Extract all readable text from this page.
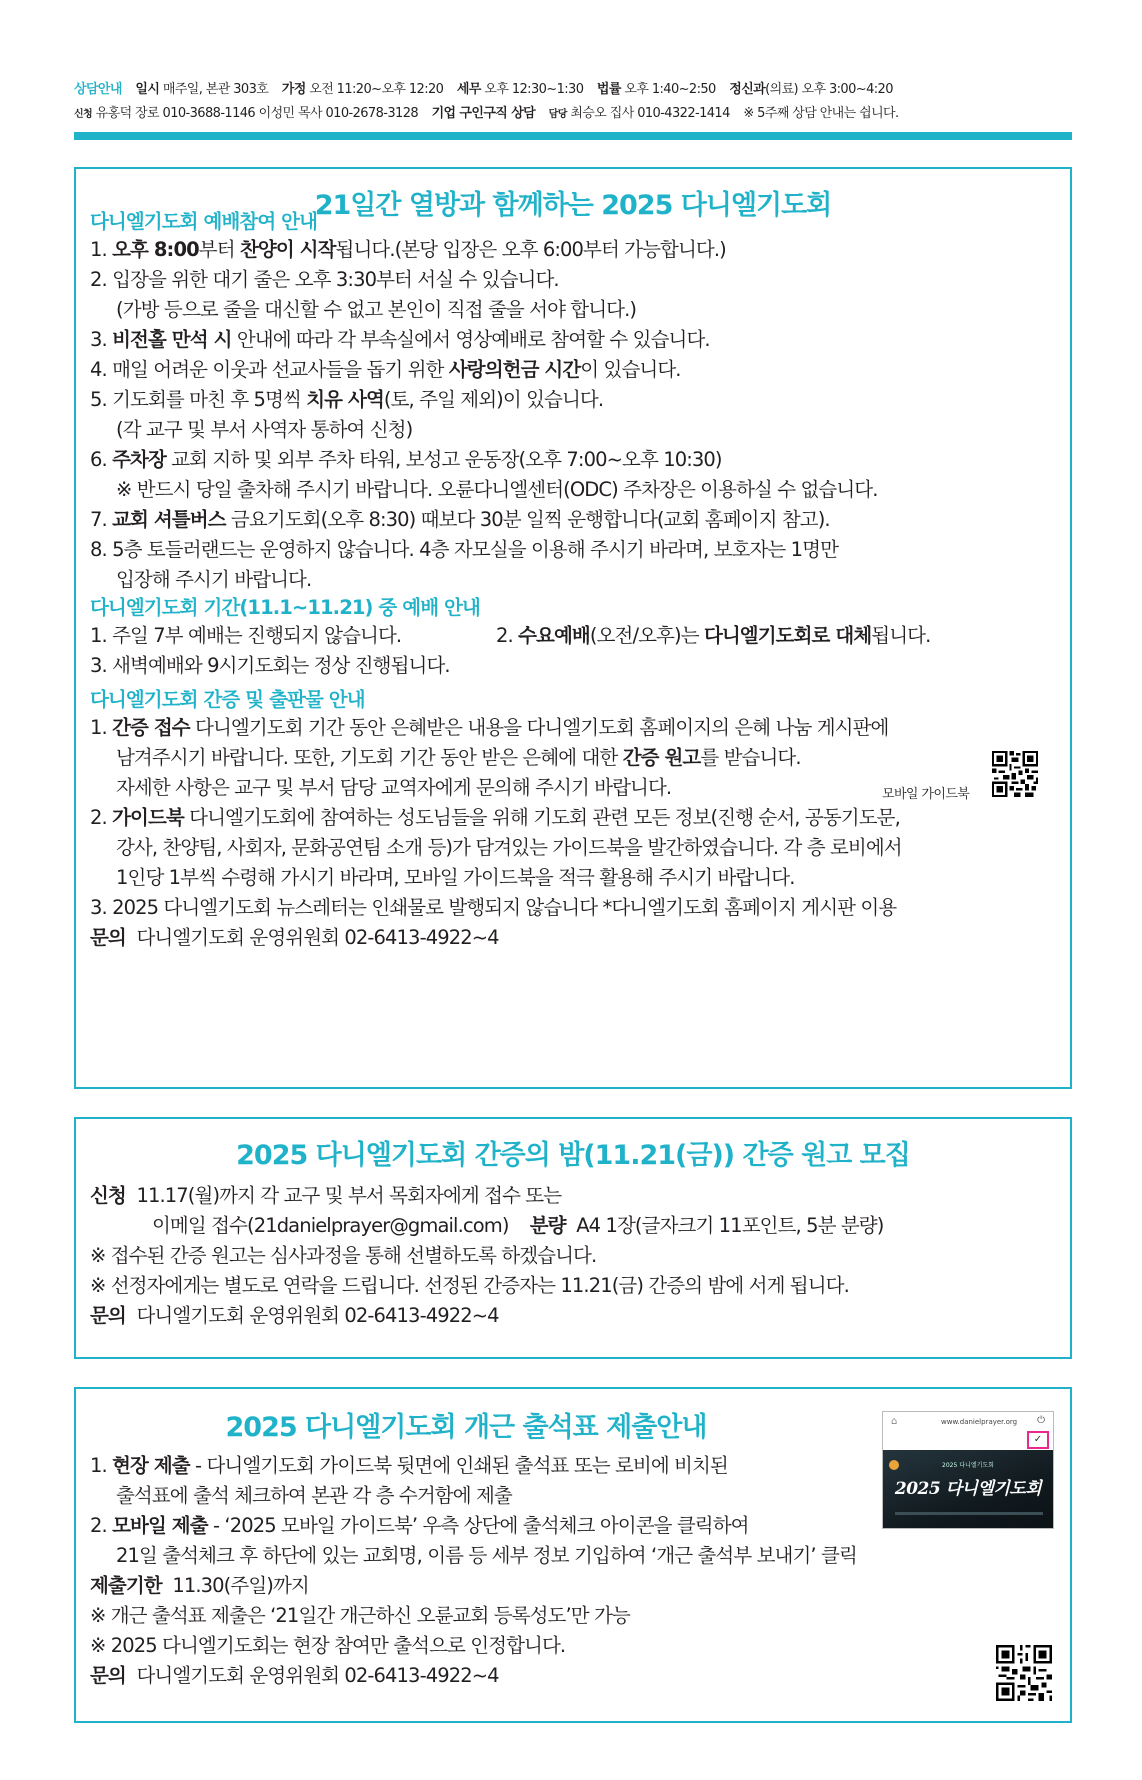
상담안내 일시 매주일, 본관 303호 가정 오전 11:20~오후 12:20 세무 오후 12:30~1:30 법률 오후 1:40~2:50 정신과(의료) 오후 3:00~4:20
신청 유홍덕 장로 010-3688-1146 이성민 목사 010-2678-3128 기업 구인구직 상담 담당 최승오 집사 010-4322-1414 ※ 5주째 상담 안내는 쉽니다.
21일간 열방과 함께하는 2025 다니엘기도회
다니엘기도회 예배참여 안내
1. 오후 8:00부터 찬양이 시작됩니다.(본당 입장은 오후 6:00부터 가능합니다.)
2. 입장을 위한 대기 줄은 오후 3:30부터 서실 수 있습니다.
(가방 등으로 줄을 대신할 수 없고 본인이 직접 줄을 서야 합니다.)
3. 비전홀 만석 시 안내에 따라 각 부속실에서 영상예배로 참여할 수 있습니다.
4. 매일 어려운 이웃과 선교사들을 돕기 위한 사랑의헌금 시간이 있습니다.
5. 기도회를 마친 후 5명씩 치유 사역(토, 주일 제외)이 있습니다.
(각 교구 및 부서 사역자 통하여 신청)
6. 주차장 교회 지하 및 외부 주차 타워, 보성고 운동장(오후 7:00~오후 10:30)
※ 반드시 당일 출차해 주시기 바랍니다. 오륜다니엘센터(ODC) 주차장은 이용하실 수 없습니다.
7. 교회 셔틀버스 금요기도회(오후 8:30) 때보다 30분 일찍 운행합니다(교회 홈페이지 참고).
8. 5층 토들러랜드는 운영하지 않습니다. 4층 자모실을 이용해 주시기 바라며, 보호자는 1명만
입장해 주시기 바랍니다.
다니엘기도회 기간(11.1~11.21) 중 예배 안내
1. 주일 7부 예배는 진행되지 않습니다.	2. 수요예배(오전/오후)는 다니엘기도회로 대체됩니다.
3. 새벽예배와 9시기도회는 정상 진행됩니다.
다니엘기도회 간증 및 출판물 안내
1. 간증 접수 다니엘기도회 기간 동안 은혜받은 내용을 다니엘기도회 홈페이지의 은혜 나눔 게시판에
남겨주시기 바랍니다. 또한, 기도회 기간 동안 받은 은혜에 대한 간증 원고를 받습니다.
자세한 사항은 교구 및 부서 담당 교역자에게 문의해 주시기 바랍니다.	모바일 가이드북
2. 가이드북 다니엘기도회에 참여하는 성도님들을 위해 기도회 관련 모든 정보(진행 순서, 공동기도문,
강사, 찬양팀, 사회자, 문화공연팀 소개 등)가 담겨있는 가이드북을 발간하였습니다. 각 층 로비에서
1인당 1부씩 수령해 가시기 바라며, 모바일 가이드북을 적극 활용해 주시기 바랍니다.
3. 2025 다니엘기도회 뉴스레터는 인쇄물로 발행되지 않습니다 *다니엘기도회 홈페이지 게시판 이용
문의 다니엘기도회 운영위원회 02-6413-4922~4
2025 다니엘기도회 간증의 밤(11.21(금)) 간증 원고 모집
신청 11.17(월)까지 각 교구 및 부서 목회자에게 접수 또는
이메일 접수(21danielprayer@gmail.com) 분량 A4 1장(글자크기 11포인트, 5분 분량)
※ 접수된 간증 원고는 심사과정을 통해 선별하도록 하겠습니다.
※ 선정자에게는 별도로 연락을 드립니다. 선정된 간증자는 11.21(금) 간증의 밤에 서게 됩니다.
문의 다니엘기도회 운영위원회 02-6413-4922~4
2025 다니엘기도회 개근 출석표 제출안내	⌂	www.danielprayer.org ⏻
✓
2025 다니엘기도회
2025 다니엘기도회
1. 현장 제출 - 다니엘기도회 가이드북 뒷면에 인쇄된 출석표 또는 로비에 비치된
출석표에 출석 체크하여 본관 각 층 수거함에 제출
2. 모바일 제출 - ‘2025 모바일 가이드북’ 우측 상단에 출석체크 아이콘을 클릭하여
21일 출석체크 후 하단에 있는 교회명, 이름 등 세부 정보 기입하여 ‘개근 출석부 보내기’ 클릭
제출기한 11.30(주일)까지
※ 개근 출석표 제출은 ‘21일간 개근하신 오륜교회 등록성도’만 가능
※ 2025 다니엘기도회는 현장 참여만 출석으로 인정합니다.
문의 다니엘기도회 운영위원회 02-6413-4922~4
